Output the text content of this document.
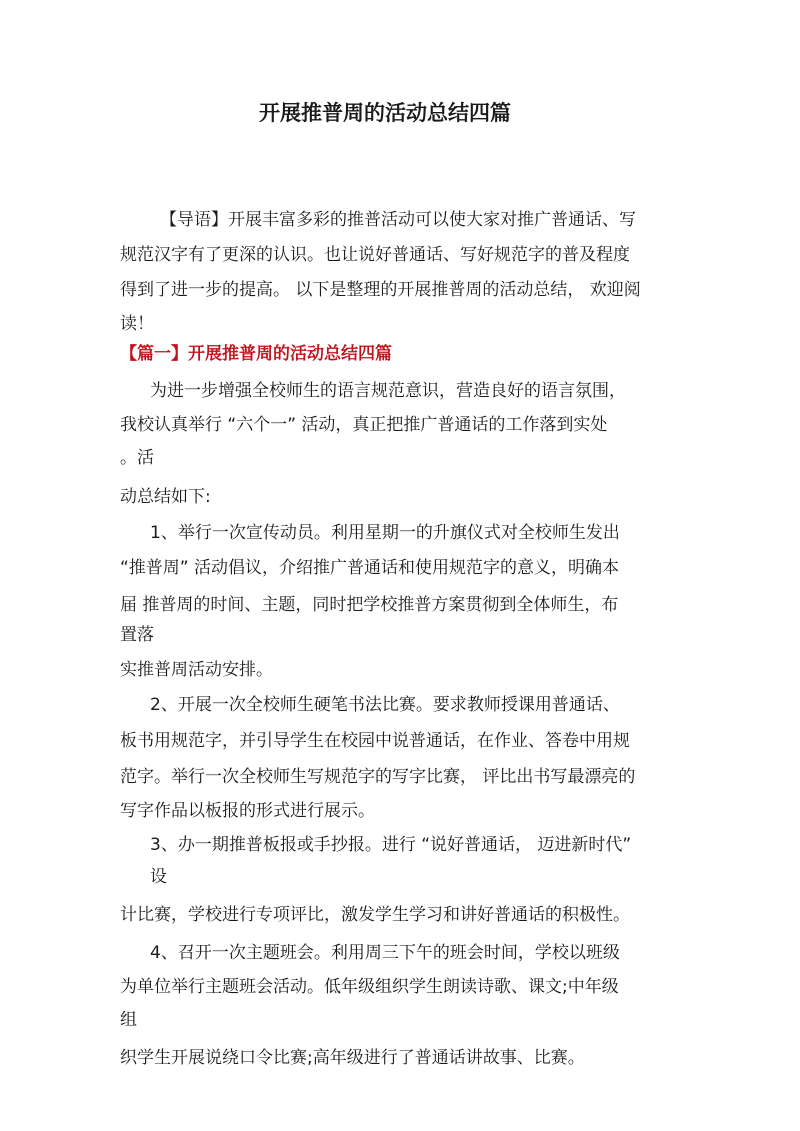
开展推普周的活动总结四篇

【导语】开展丰富多彩的推普活动可以使大家对推广普通话、写

规范汉字有了更深的认识。也让说好普通话、写好规范字的普及程度

得到了进一步的提高。 以下是整理的开展推普周的活动总结， 欢迎阅

读！

【篇一】开展推普周的活动总结四篇

为进一步增强全校师生的语言规范意识，营造良好的语言氛围，

我校认真举行 “六个一” 活动，真正把推广普通话的工作落到实处

。活

动总结如下:

1、举行一次宣传动员。利用星期一的升旗仪式对全校师生发出

“推普周” 活动倡议，介绍推广普通话和使用规范字的意义，明确本

届 推普周的时间、主题，同时把学校推普方案贯彻到全体师生，布

置落

实推普周活动安排。

2、开展一次全校师生硬笔书法比赛。要求教师授课用普通话、

板书用规范字，并引导学生在校园中说普通话，在作业、答卷中用规

范字。举行一次全校师生写规范字的写字比赛， 评比出书写最漂亮的

写字作品以板报的形式进行展示。

3、办一期推普板报或手抄报。进行 “说好普通话， 迈进新时代”

设

计比赛，学校进行专项评比，激发学生学习和讲好普通话的积极性。

4、召开一次主题班会。利用周三下午的班会时间，学校以班级

为单位举行主题班会活动。低年级组织学生朗读诗歌、课文;中年级

组

织学生开展说绕口令比赛;高年级进行了普通话讲故事、比赛。
